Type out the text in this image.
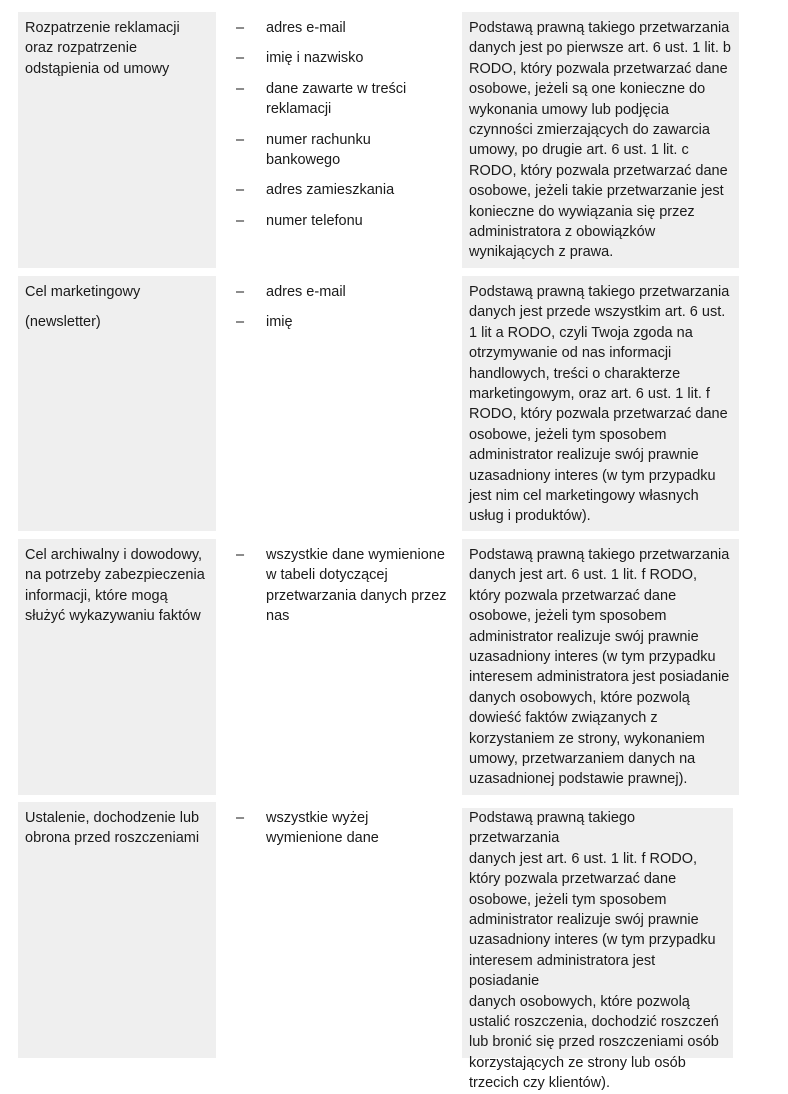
Rozpatrzenie reklamacji
oraz rozpatrzenie
odstąpienia od umowy
– adres e-mail
– imię i nazwisko
– dane zawarte w treści
reklamacji
– numer rachunku
bankowego
– adres zamieszkania
– numer telefonu
Podstawą prawną takiego przetwarzania
danych jest po pierwsze art. 6 ust. 1 lit. b
RODO, który pozwala przetwarzać dane
osobowe, jeżeli są one konieczne do
wykonania umowy lub podjęcia
czynności zmierzających do zawarcia
umowy, po drugie art. 6 ust. 1 lit. c
RODO, który pozwala przetwarzać dane
osobowe, jeżeli takie przetwarzanie jest
konieczne do wywiązania się przez
administratora z obowiązków
wynikających z prawa.
Cel marketingowy
(newsletter)
– adres e-mail
– imię
Podstawą prawną takiego przetwarzania
danych jest przede wszystkim art. 6 ust.
1 lit a RODO, czyli Twoja zgoda na
otrzymywanie od nas informacji
handlowych, treści o charakterze
marketingowym, oraz art. 6 ust. 1 lit. f
RODO, który pozwala przetwarzać dane
osobowe, jeżeli tym sposobem
administrator realizuje swój prawnie
uzasadniony interes (w tym przypadku
jest nim cel marketingowy własnych
usług i produktów).
Cel archiwalny i dowodowy,
na potrzeby zabezpieczenia
informacji, które mogą
służyć wykazywaniu faktów
– wszystkie dane wymienione
w tabeli dotyczącej
przetwarzania danych przez
nas
Podstawą prawną takiego przetwarzania
danych jest art. 6 ust. 1 lit. f RODO,
który pozwala przetwarzać dane
osobowe, jeżeli tym sposobem
administrator realizuje swój prawnie
uzasadniony interes (w tym przypadku
interesem administratora jest posiadanie
danych osobowych, które pozwolą
dowieść faktów związanych z
korzystaniem ze strony, wykonaniem
umowy, przetwarzaniem danych na
uzasadnionej podstawie prawnej).
Ustalenie, dochodzenie lub
obrona przed roszczeniami
– wszystkie wyżej
wymienione dane
Podstawą prawną takiego przetwarzania
danych jest art. 6 ust. 1 lit. f RODO,
który pozwala przetwarzać dane
osobowe, jeżeli tym sposobem
administrator realizuje swój prawnie
uzasadniony interes (w tym przypadku
interesem administratora jest posiadanie
danych osobowych, które pozwolą
ustalić roszczenia, dochodzić roszczeń
lub bronić się przed roszczeniami osób
korzystających ze strony lub osób
trzecich czy klientów).
